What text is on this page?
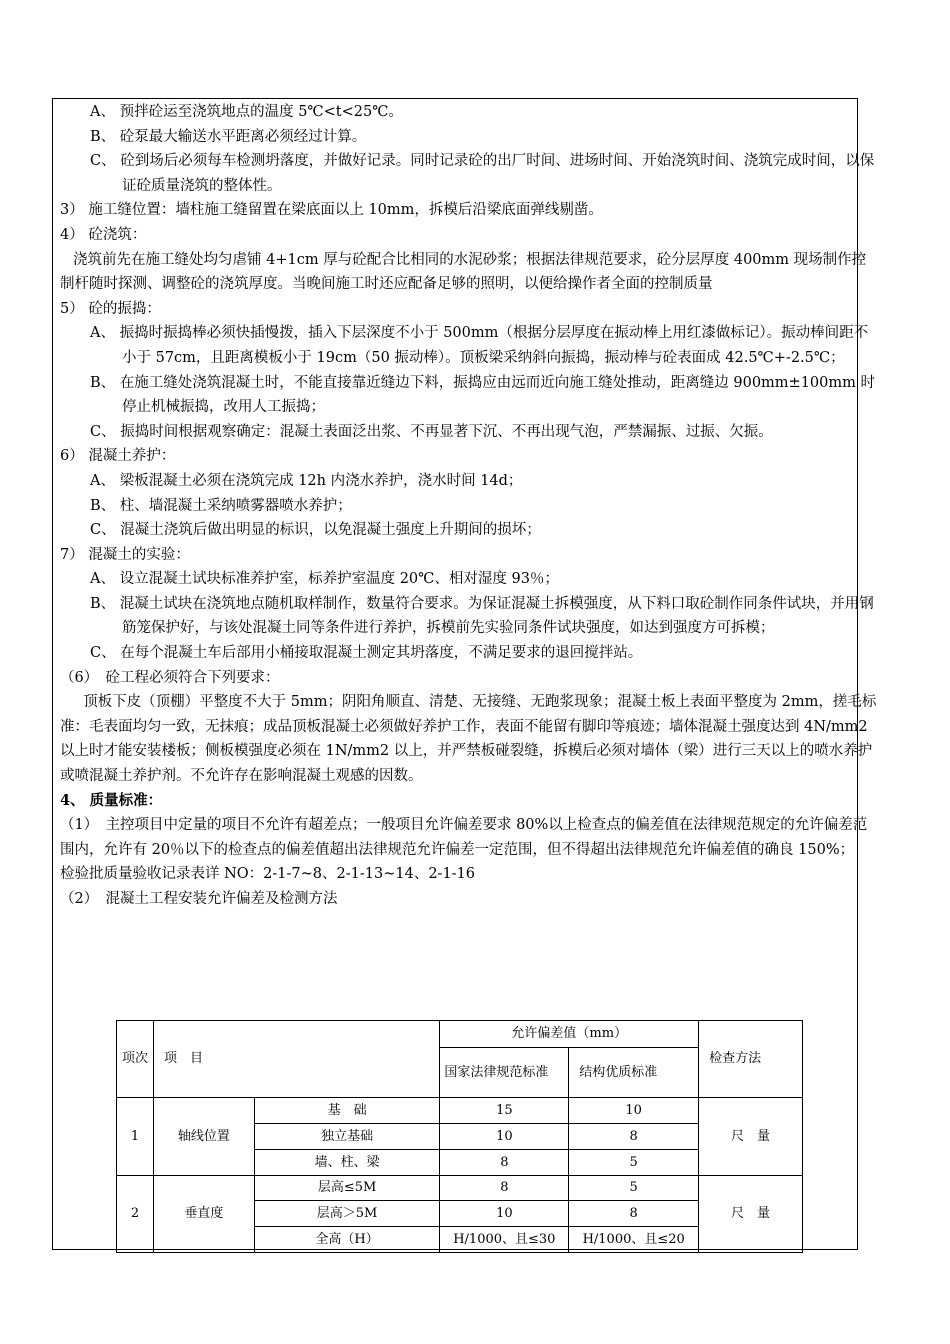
A、 预拌砼运至浇筑地点的温度 5℃<t<25℃。

B、 砼泵最大输送水平距离必须经过计算。

C、 砼到场后必须每车检测坍落度，并做好记录。同时记录砼的出厂时间、进场时间、开始浇筑时间、浇筑完成时间，以保证砼质量浇筑的整体性。

3） 施工缝位置：墙柱施工缝留置在梁底面以上 10mm，拆模后沿梁底面弹线剔凿。

4） 砼浇筑：

浇筑前先在施工缝处均匀虐铺 4+1cm 厚与砼配合比相同的水泥砂浆；根据法律规范要求，砼分层厚度 400mm 现场制作控制杆随时探测、调整砼的浇筑厚度。当晚间施工时还应配备足够的照明，以便给操作者全面的控制质量

5） 砼的振捣：

A、 振捣时振捣棒必须快插慢拨，插入下层深度不小于 500mm（根据分层厚度在振动棒上用红漆做标记）。振动棒间距不小于 57cm，且距离模板小于 19cm（50 振动棒）。顶板梁采纳斜向振捣，振动棒与砼表面成 42.5℃+-2.5℃；

B、 在施工缝处浇筑混凝土时，不能直接靠近缝边下料，振捣应由远而近向施工缝处推动，距离缝边 900mm±100mm 时停止机械振捣，改用人工振捣；

C、 振捣时间根据观察确定：混凝土表面泛出浆、不再显著下沉、不再出现气泡，严禁漏振、过振、欠振。

6） 混凝土养护：

A、 梁板混凝土必须在浇筑完成 12h 内浇水养护，浇水时间 14d；

B、 柱、墙混凝土采纳喷雾器喷水养护；

C、 混凝土浇筑后做出明显的标识，以免混凝土强度上升期间的损坏；

7） 混凝土的实验：

A、 设立混凝土试块标准养护室，标养护室温度 20℃、相对湿度 93％；

B、 混凝土试块在浇筑地点随机取样制作，数量符合要求。为保证混凝土拆模强度，从下料口取砼制作同条件试块，并用钢筋笼保护好，与该处混凝土同等条件进行养护，拆模前先实验同条件试块强度，如达到强度方可拆模；

C、 在每个混凝土车后部用小桶接取混凝土测定其坍落度，不满足要求的退回搅拌站。

（6）　砼工程必须符合下列要求：

顶板下皮（顶棚）平整度不大于 5mm；阴阳角顺直、清楚、无接缝、无跑浆现象；混凝土板上表面平整度为 2mm，搓毛标准：毛表面均匀一致，无抹痕；成品顶板混凝土必须做好养护工作，表面不能留有脚印等痕迹；墙体混凝土强度达到 4N/mm2 以上时才能安装楼板；侧板模强度必须在 1N/mm2 以上，并严禁板碰裂缝，拆模后必须对墙体（梁）进行三天以上的喷水养护或喷混凝土养护剂。不允许存在影响混凝土观感的因数。

4、 质量标准：

（1）　主控项目中定量的项目不允许有超差点；一般项目允许偏差要求 80%以上检查点的偏差值在法律规范规定的允许偏差范围内，允许有 20％以下的检查点的偏差值超出法律规范允许偏差一定范围，但不得超出法律规范允许偏差值的确良 150%；

检验批质量验收记录表详 NO：2-1-7~8、2-1-13~14、2-1-16

（2）　混凝土工程安装允许偏差及检测方法

项次	项　目		允许偏差值（mm）		检查方法
			国家法律规范标准	结构优质标准	
1	轴线位置	基　础	15	10	尺　量
		独立基础	10	8	
		墙、柱、梁	8	5	
2	垂直度	层高≤5M	8	5	尺　量
		层高＞5M	10	8	
		全高（H）	H/1000、且≤30	H/1000、且≤20	
